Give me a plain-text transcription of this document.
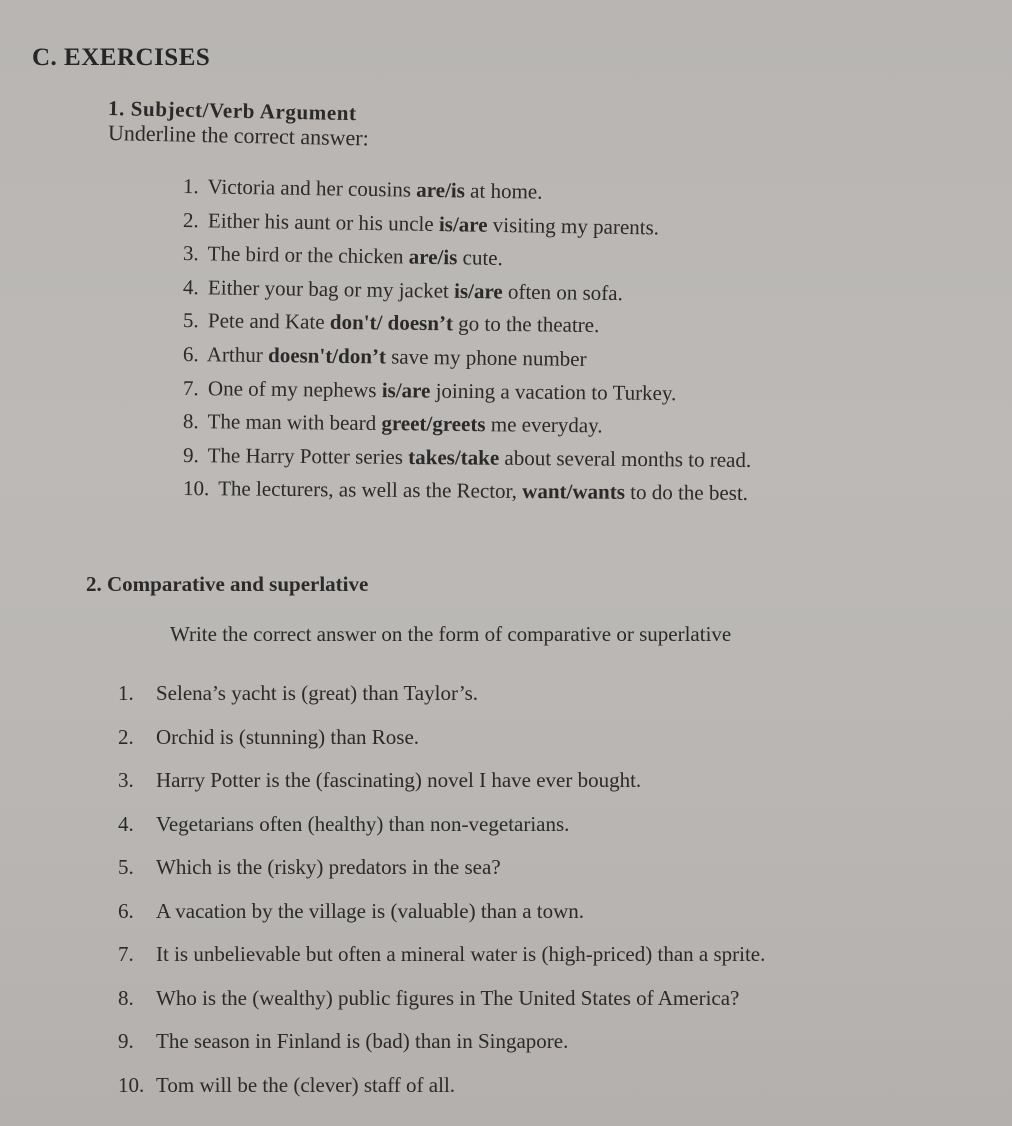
C. EXERCISES
1. Subject/Verb Argument
Underline the correct answer:
1. Victoria and her cousins are/is at home.
2. Either his aunt or his uncle is/are visiting my parents.
3. The bird or the chicken are/is cute.
4. Either your bag or my jacket is/are often on sofa.
5. Pete and Kate don't/ doesn’t go to the theatre.
6. Arthur doesn't/don’t save my phone number
7. One of my nephews is/are joining a vacation to Turkey.
8. The man with beard greet/greets me everyday.
9. The Harry Potter series takes/take about several months to read.
10. The lecturers, as well as the Rector, want/wants to do the best.
2. Comparative and superlative
Write the correct answer on the form of comparative or superlative
1. Selena’s yacht is (great) than Taylor’s.
2. Orchid is (stunning) than Rose.
3. Harry Potter is the (fascinating) novel I have ever bought.
4. Vegetarians often (healthy) than non-vegetarians.
5. Which is the (risky) predators in the sea?
6. A vacation by the village is (valuable) than a town.
7. It is unbelievable but often a mineral water is (high-priced) than a sprite.
8. Who is the (wealthy) public figures in The United States of America?
9. The season in Finland is (bad) than in Singapore.
10. Tom will be the (clever) staff of all.
